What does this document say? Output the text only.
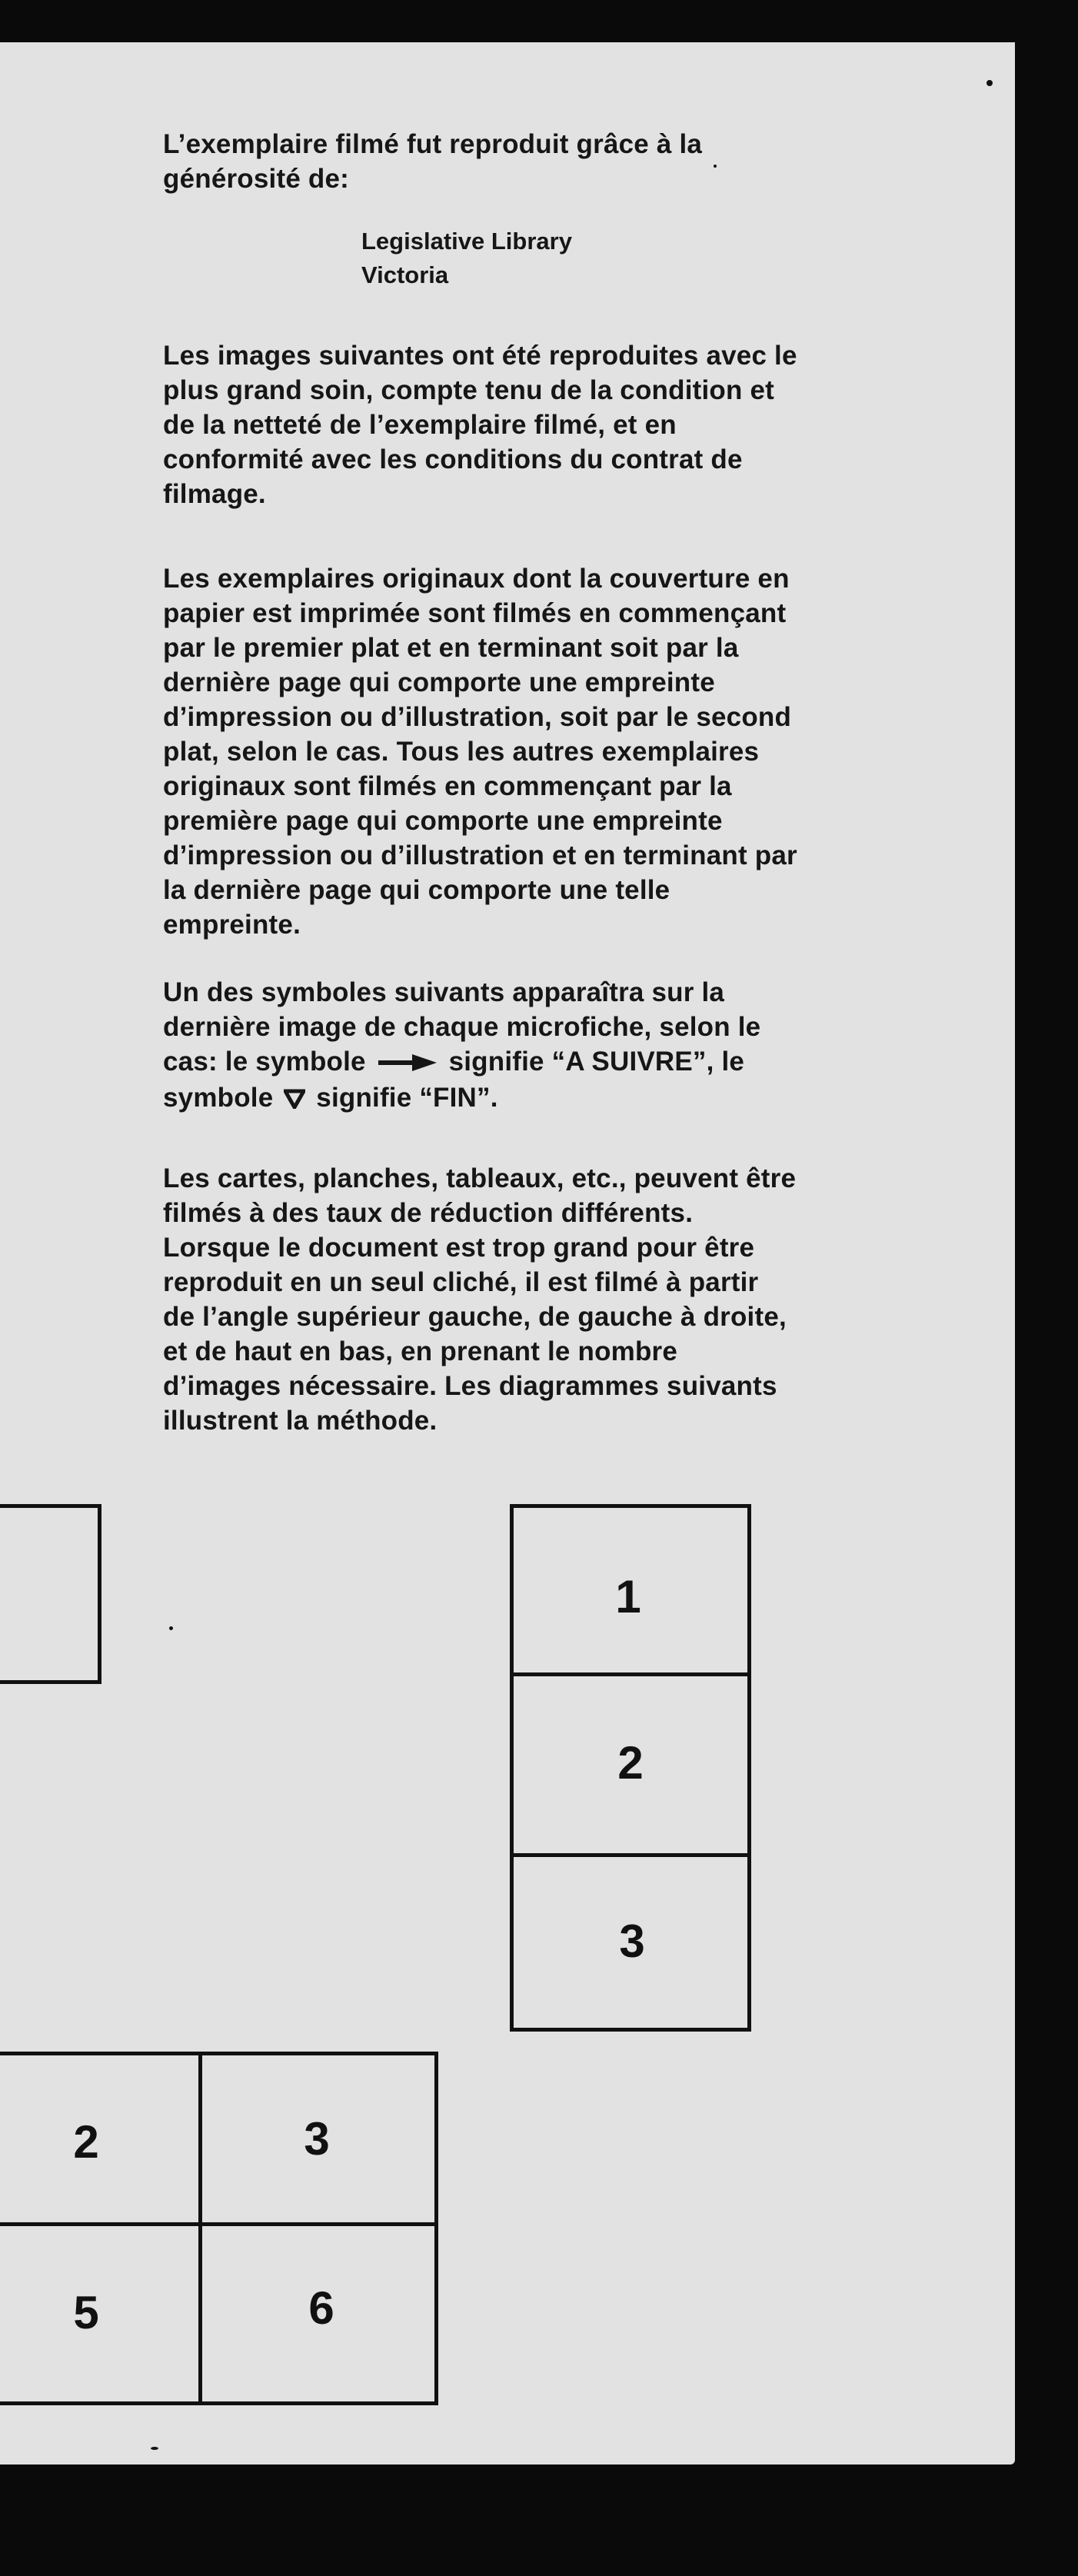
L’exemplaire filmé fut reproduit grâce à la
générosité de:

Legislative Library
Victoria

Les images suivantes ont été reproduites avec le
plus grand soin, compte tenu de la condition et
de la netteté de l’exemplaire filmé, et en
conformité avec les conditions du contrat de
filmage.

Les exemplaires originaux dont la couverture en
papier est imprimée sont filmés en commençant
par le premier plat et en terminant soit par la
dernière page qui comporte une empreinte
d’impression ou d’illustration, soit par le second
plat, selon le cas. Tous les autres exemplaires
originaux sont filmés en commençant par la
première page qui comporte une empreinte
d’impression ou d’illustration et en terminant par
la dernière page qui comporte une telle
empreinte.

Un des symboles suivants apparaîtra sur la
dernière image de chaque microfiche, selon le
cas: le symbole	signifie “A SUIVRE”, le
symbole signifie “FIN”.

Les cartes, planches, tableaux, etc., peuvent être
filmés à des taux de réduction différents.
Lorsque le document est trop grand pour être
reproduit en un seul cliché, il est filmé à partir
de l’angle supérieur gauche, de gauche à droite,
et de haut en bas, en prenant le nombre
d’images nécessaire. Les diagrammes suivants
illustrent la méthode.

1
2
3
2	3
5	6
